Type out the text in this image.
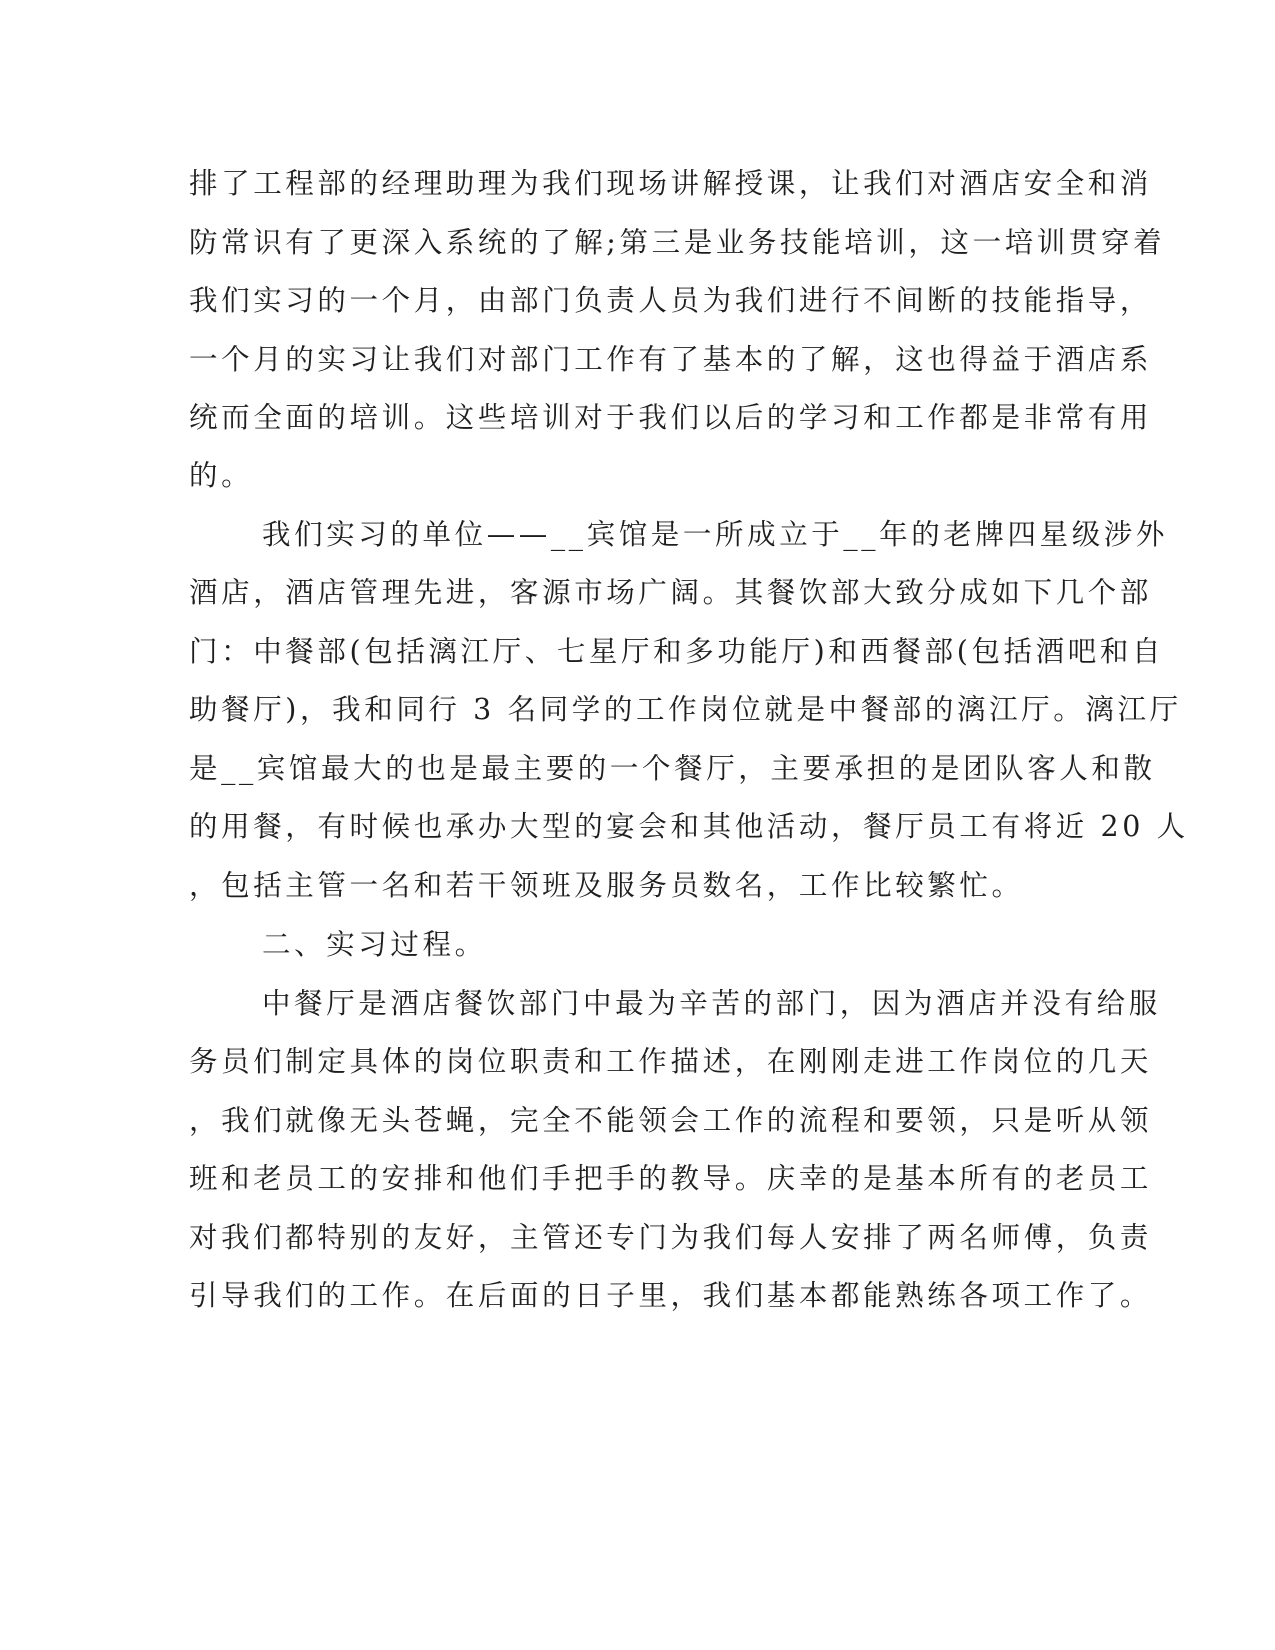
排了工程部的经理助理为我们现场讲解授课，让我们对酒店安全和消
防常识有了更深入系统的了解;第三是业务技能培训，这一培训贯穿着
我们实习的一个月，由部门负责人员为我们进行不间断的技能指导，
一个月的实习让我们对部门工作有了基本的了解，这也得益于酒店系
统而全面的培训。这些培训对于我们以后的学习和工作都是非常有用
的。
我们实习的单位——__宾馆是一所成立于__年的老牌四星级涉外
酒店，酒店管理先进，客源市场广阔。其餐饮部大致分成如下几个部
门：中餐部(包括漓江厅、七星厅和多功能厅)和西餐部(包括酒吧和自
助餐厅)，我和同行 3 名同学的工作岗位就是中餐部的漓江厅。漓江厅
是__宾馆最大的也是最主要的一个餐厅，主要承担的是团队客人和散
的用餐，有时候也承办大型的宴会和其他活动，餐厅员工有将近 20 人
，包括主管一名和若干领班及服务员数名，工作比较繁忙。
二、实习过程。
中餐厅是酒店餐饮部门中最为辛苦的部门，因为酒店并没有给服
务员们制定具体的岗位职责和工作描述，在刚刚走进工作岗位的几天
，我们就像无头苍蝇，完全不能领会工作的流程和要领，只是听从领
班和老员工的安排和他们手把手的教导。庆幸的是基本所有的老员工
对我们都特别的友好，主管还专门为我们每人安排了两名师傅，负责
引导我们的工作。在后面的日子里，我们基本都能熟练各项工作了。
